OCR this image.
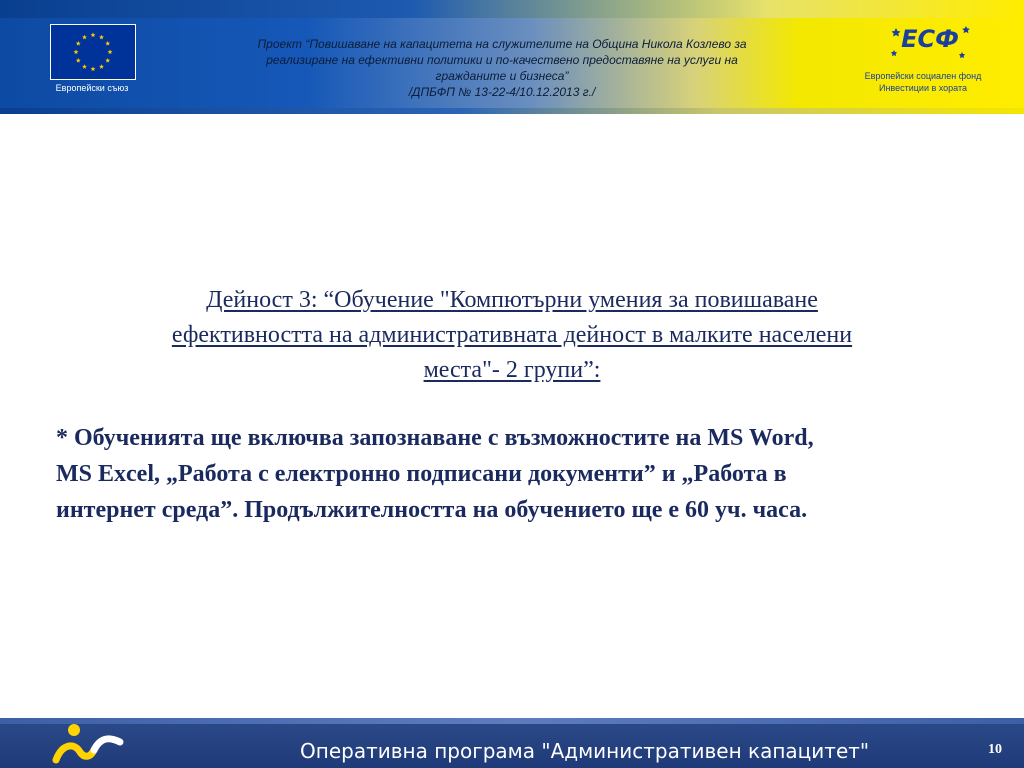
Европейски съюз
Проект “Повишаване на капацитета на служителите на Община Никола Козлево за
реализиране на ефективни политики и по-качествено предоставяне на услуги на
гражданите и бизнеса”
/ДПБФП № 13-22-4/10.12.2013 г./
ЕСФ
Европейски социален фонд
Инвестиции в хората
Дейност 3: “Обучение "Компютърни умения за повишаване
ефективността на административната дейност в малките населени
места"- 2 групи”:
* Обученията ще включва запознаване с възможностите на MS Word,
MS Excel, „Работа с електронно подписани документи” и „Работа в
интернет среда”. Продължителността на обучението ще е 60 уч. часа.
Оперативна програма "Административен капацитет"	10
